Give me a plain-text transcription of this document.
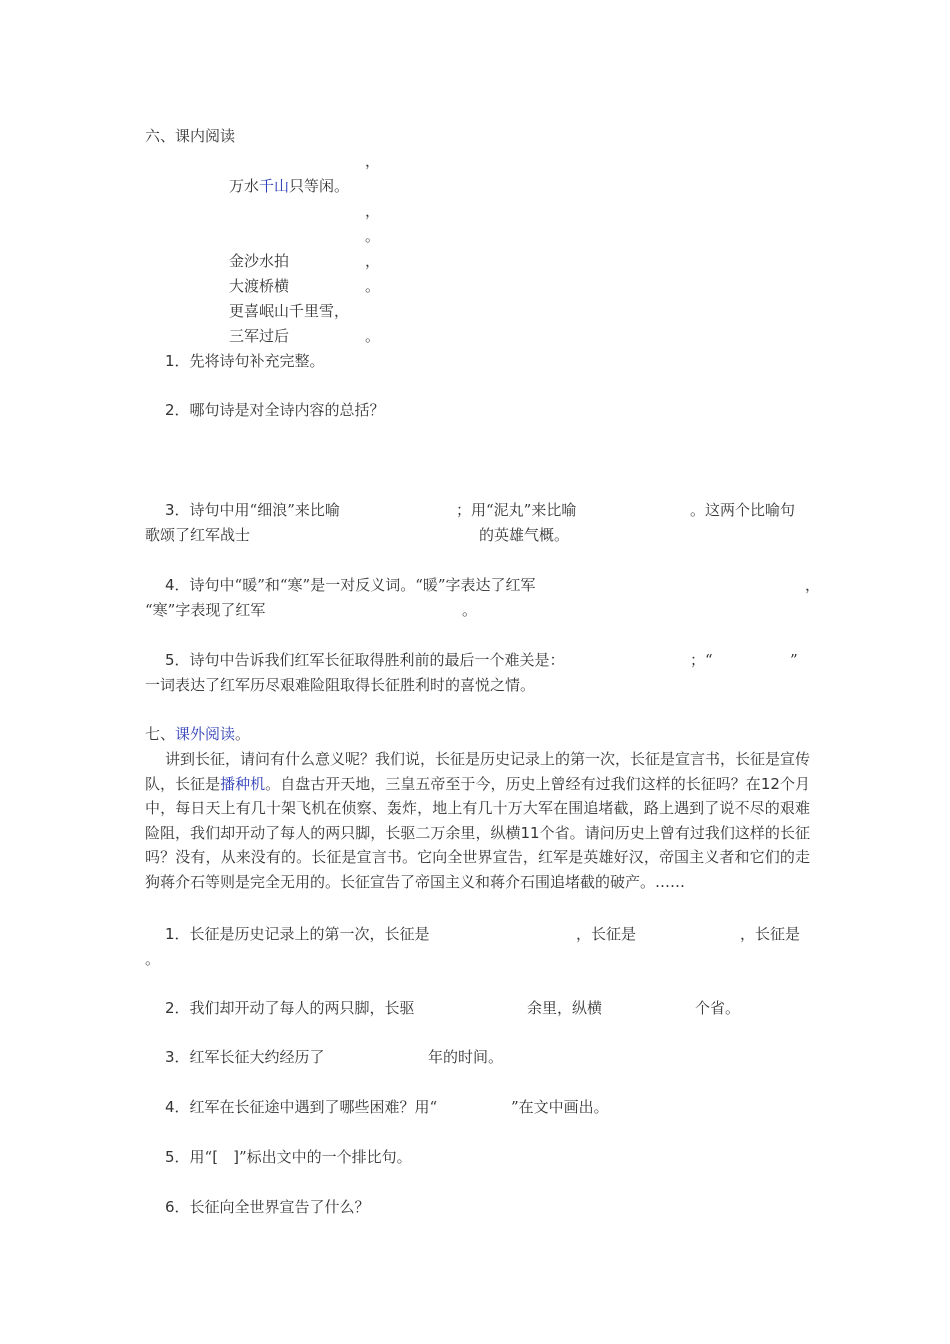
六、课内阅读
，
万水千山只等闲。
，
。
金沙水拍	，
大渡桥横	。
更喜岷山千里雪，
三军过后	。
1．先将诗句补充完整。
2．哪句诗是对全诗内容的总括？
3．诗句中用“细浪”来比喻	；用“泥丸”来比喻	。这两个比喻句
歌颂了红军战士	的英雄气概。
4．诗句中“暖”和“寒”是一对反义词。“暖”字表达了红军	，
“寒”字表现了红军	。
5．诗句中告诉我们红军长征取得胜利前的最后一个难关是：	；“	”
一词表达了红军历尽艰难险阻取得长征胜利时的喜悦之情。
七、课外阅读。
讲到长征，请问有什么意义呢？我们说，长征是历史记录上的第一次，长征是宣言书，长征是宣传队，长征是播种机。自盘古开天地，三皇五帝至于今，历史上曾经有过我们这样的长征吗？在12个月中，每日天上有几十架飞机在侦察、轰炸，地上有几十万大军在围追堵截，路上遇到了说不尽的艰难险阻，我们却开动了每人的两只脚，长驱二万余里，纵横11个省。请问历史上曾有过我们这样的长征吗？没有，从来没有的。长征是宣言书。它向全世界宣告，红军是英雄好汉，帝国主义者和它们的走狗蒋介石等则是完全无用的。长征宣告了帝国主义和蒋介石围追堵截的破产。……
1．长征是历史记录上的第一次，长征是	，长征是	，长征是
。
2．我们却开动了每人的两只脚，长驱	余里，纵横	个省。
3．红军长征大约经历了	年的时间。
4．红军在长征途中遇到了哪些困难？用“	”在文中画出。
5．用“[　]”标出文中的一个排比句。
6．长征向全世界宣告了什么？
